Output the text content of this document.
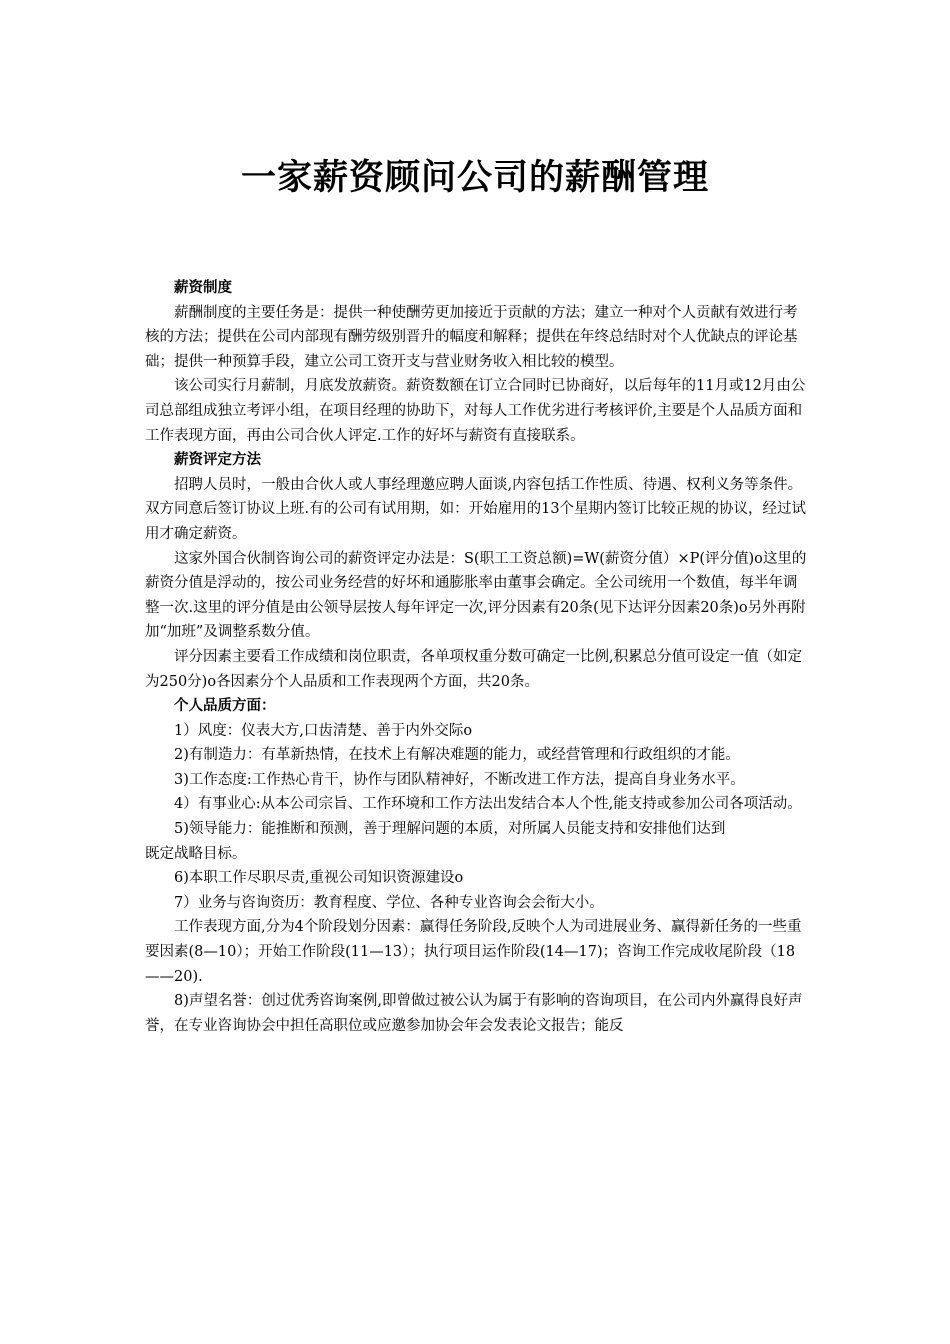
一家薪资顾问公司的薪酬管理

薪资制度

薪酬制度的主要任务是：提供一种使酬劳更加接近于贡献的方法；建立一种对个人贡献有效进行考核的方法；提供在公司内部现有酬劳级别晋升的幅度和解释；提供在年终总结时对个人优缺点的评论基础；提供一种预算手段，建立公司工资开支与营业财务收入相比较的模型。

该公司实行月薪制，月底发放薪资。薪资数额在订立合同时已协商好，以后每年的11月或12月由公司总部组成独立考评小组，在项目经理的协助下，对每人工作优劣进行考核评价,主要是个人品质方面和工作表现方面，再由公司合伙人评定.工作的好坏与薪资有直接联系。

薪资评定方法

招聘人员时，一般由合伙人或人事经理邀应聘人面谈,内容包括工作性质、待遇、权利义务等条件。双方同意后签订协议上班.有的公司有试用期，如：开始雇用的13个星期内签订比较正规的协议，经过试用才确定薪资。

这家外国合伙制咨询公司的薪资评定办法是：S(职工工资总额)=W(薪资分值）×P(评分值)o这里的薪资分值是浮动的，按公司业务经营的好坏和通膨胀率由董事会确定。全公司统用一个数值，每半年调整一次.这里的评分值是由公领导层按人每年评定一次,评分因素有20条(见下达评分因素20条)o另外再附加“加班”及调整系数分值。

评分因素主要看工作成绩和岗位职责，各单项权重分数可确定一比例,积累总分值可设定一值（如定为250分)o各因素分个人品质和工作表现两个方面，共20条。

个人品质方面：

1）风度：仪表大方,口齿清楚、善于内外交际o

2)有制造力：有革新热情，在技术上有解决难题的能力，或经营管理和行政组织的才能。

3)工作态度:工作热心肯干，协作与团队精神好，不断改进工作方法，提高自身业务水平。

4）有事业心:从本公司宗旨、工作环境和工作方法出发结合本人个性,能支持或参加公司各项活动。

5)领导能力：能推断和预测，善于理解问题的本质，对所属人员能支持和安排他们达到

既定战略目标。

6)本职工作尽职尽责,重视公司知识资源建设o

7）业务与咨询资历：教育程度、学位、各种专业咨询会会衔大小。

工作表现方面,分为4个阶段划分因素：赢得任务阶段,反映个人为司进展业务、赢得新任务的一些重要因素(8—10）；开始工作阶段(11—13）；执行项目运作阶段(14—17)；咨询工作完成收尾阶段（18——20).

8)声望名誉：创过优秀咨询案例,即曾做过被公认为属于有影响的咨询项目，在公司内外赢得良好声誉，在专业咨询协会中担任高职位或应邀参加协会年会发表论文报告；能反
